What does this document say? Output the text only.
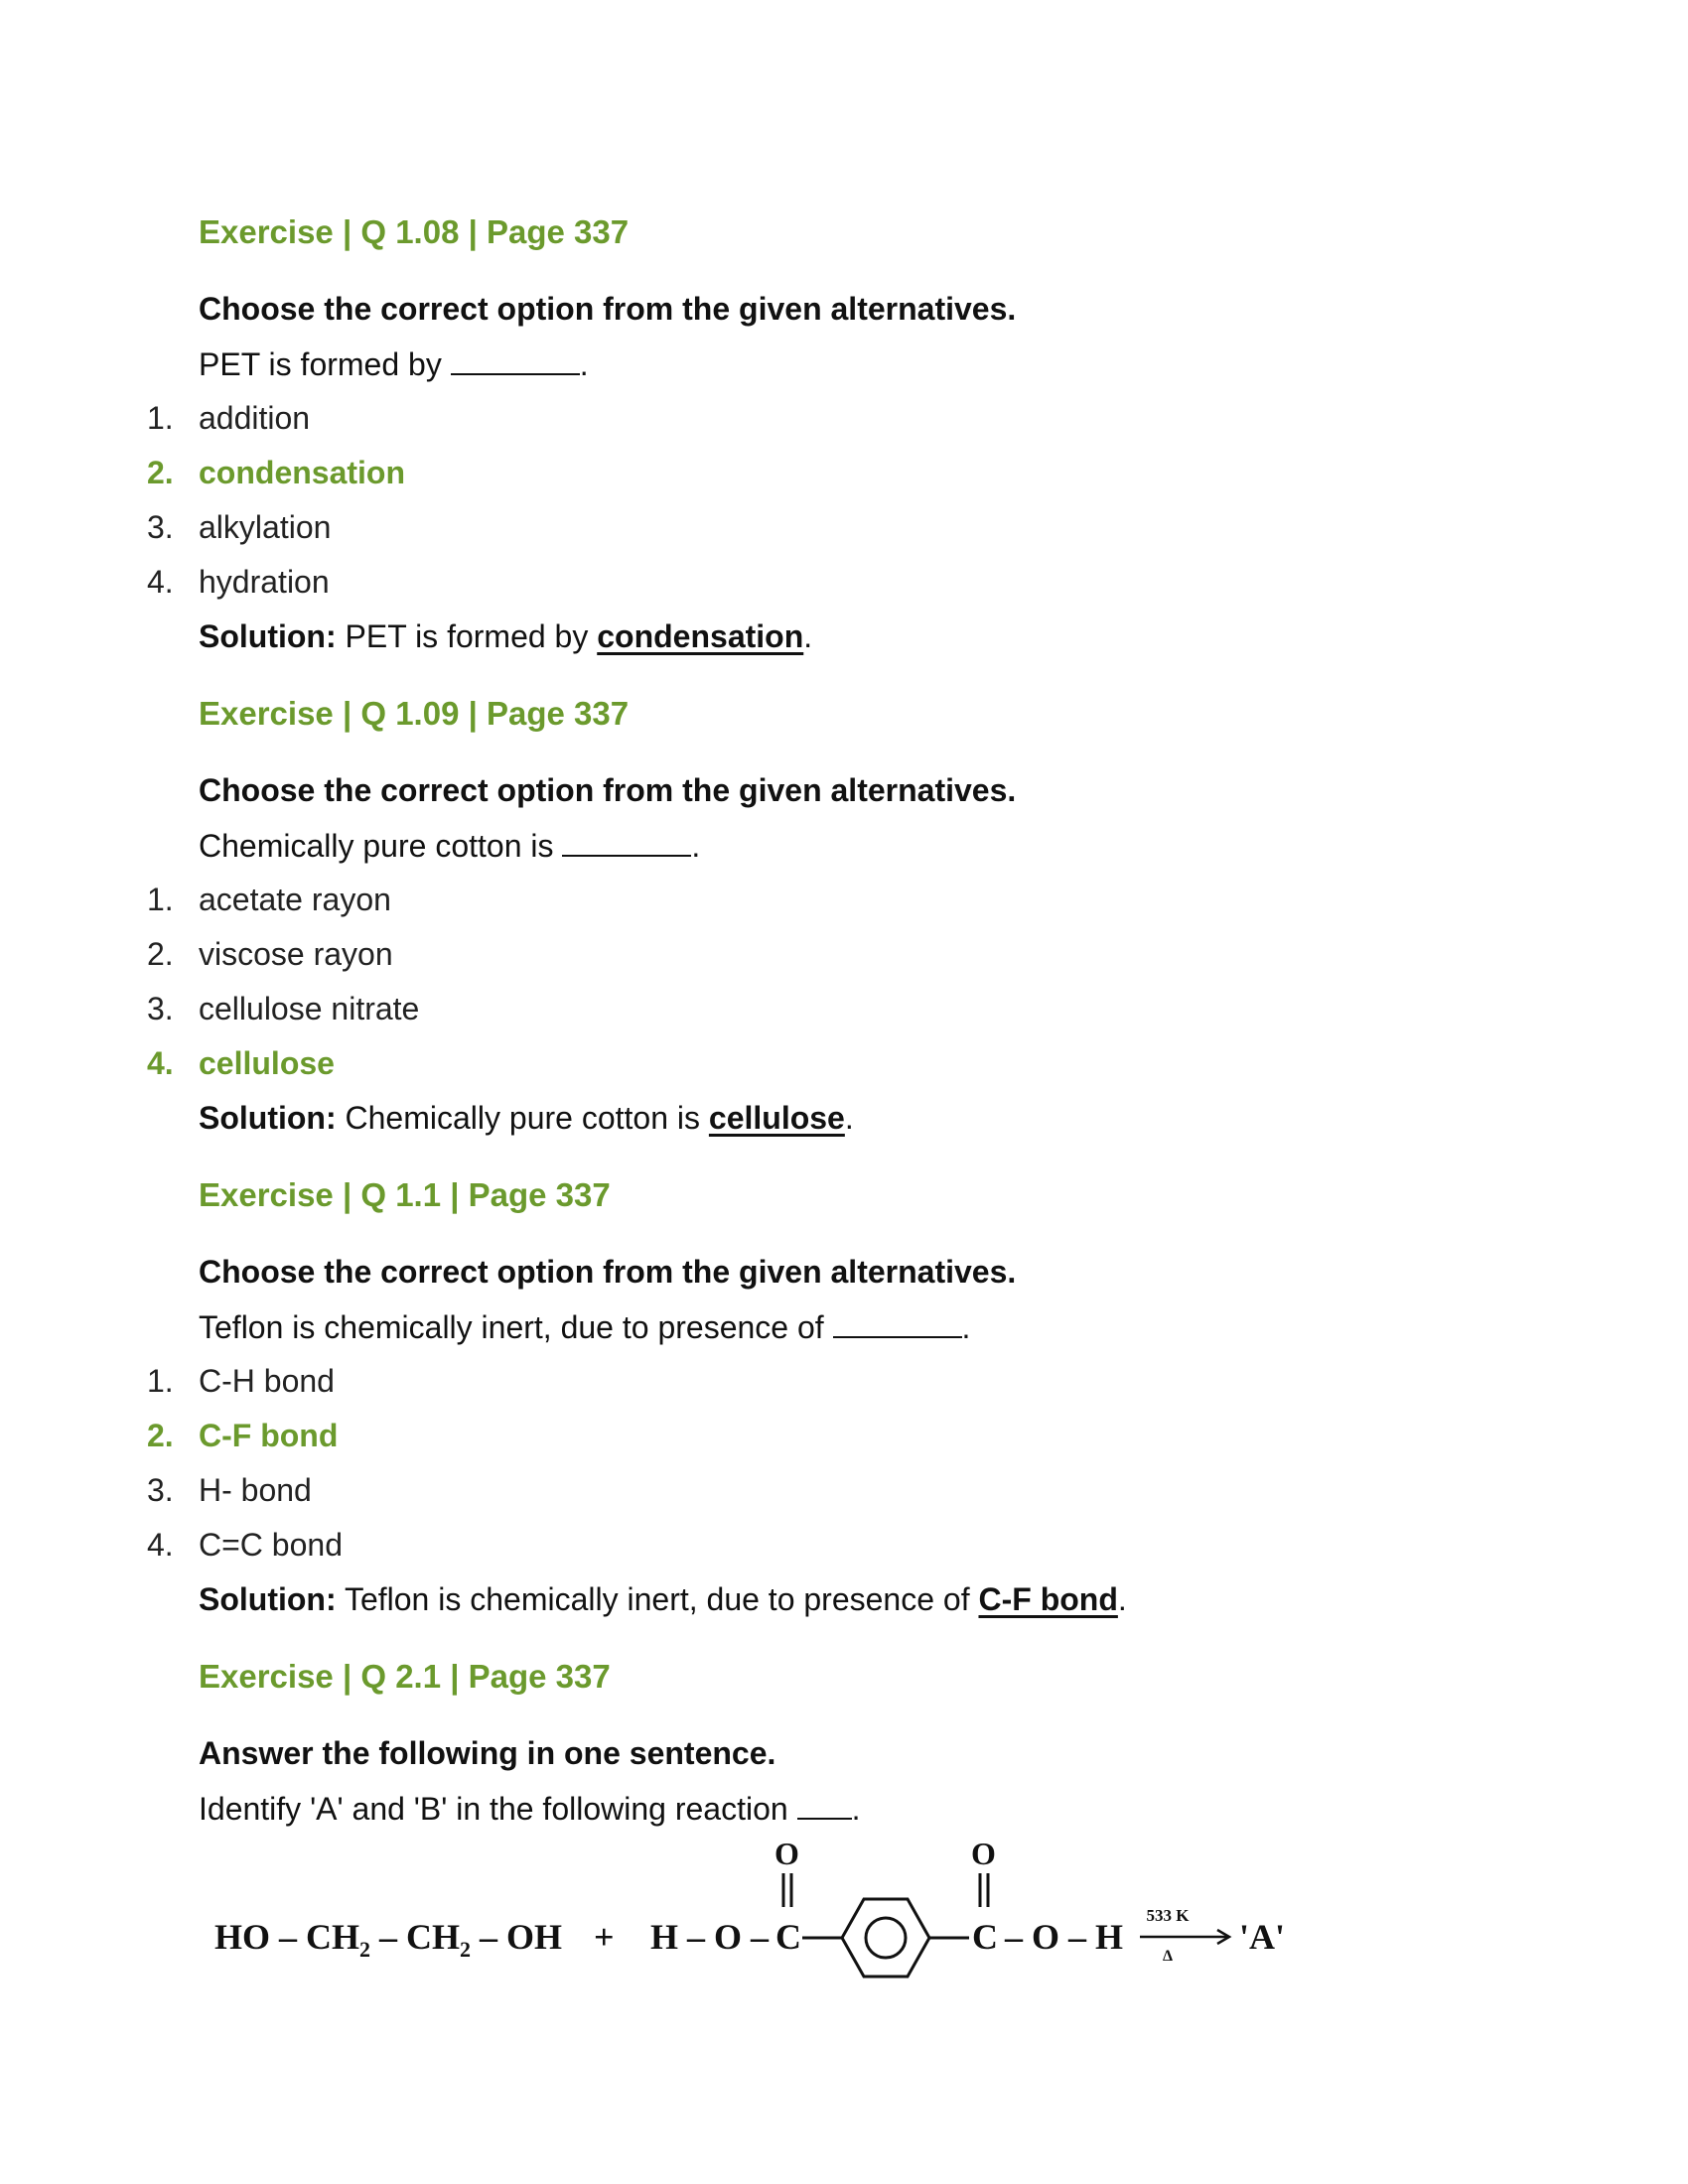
Exercise | Q 1.08 | Page 337

Choose the correct option from the given alternatives.

PET is formed by	.

1. addition
2. condensation
3. alkylation
4. hydration

Solution: PET is formed by condensation.

Exercise | Q 1.09 | Page 337

Choose the correct option from the given alternatives.

Chemically pure cotton is	.

1. acetate rayon
2. viscose rayon
3. cellulose nitrate
4. cellulose

Solution: Chemically pure cotton is cellulose.

Exercise | Q 1.1 | Page 337

Choose the correct option from the given alternatives.

Teflon is chemically inert, due to presence of	.

1. C-H bond
2. C-F bond
3. H- bond
4. C=C bond

Solution: Teflon is chemically inert, due to presence of C-F bond.

Exercise | Q 2.1 | Page 337

Answer the following in one sentence.

Identify 'A' and 'B' in the following reaction .

HO – $CH_2 - CH_2$ – OH + H – O –
O
C
O
C – O – H
533 K
Δ 'A'
